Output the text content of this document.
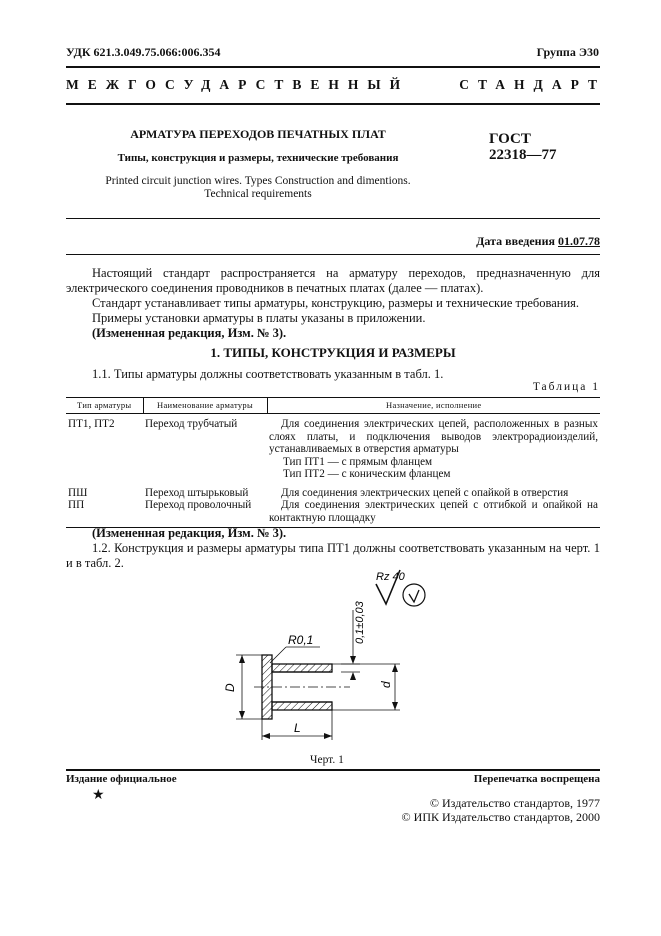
УДК 621.3.049.75.066:006.354	Группа Э30
МЕЖГОСУДАРСТВЕННЫЙ СТАНДАРТ
АРМАТУРА ПЕРЕХОДОВ ПЕЧАТНЫХ ПЛАТ
Типы, конструкция и размеры, технические требования
Printed circuit junction wires. Types Construction and dimentions.
Technical requirements
ГОСТ
22318—77
Дата введения 01.07.78
Настоящий стандарт распространяется на арматуру переходов, предназначенную для электрического соединения проводников в печатных платах (далее — платах).
Стандарт устанавливает типы арматуры, конструкцию, размеры и технические требования.
Примеры установки арматуры в платы указаны в приложении.
(Измененная редакция, Изм. № 3).
1. ТИПЫ, КОНСТРУКЦИЯ И РАЗМЕРЫ
1.1. Типы арматуры должны соответствовать указанным в табл. 1.
Таблица 1
Тип арматуры	Наименование арматуры	Назначение, исполнение
ПТ1, ПТ2	Переход трубчатый	Для соединения электрических цепей, расположенных в разных слоях платы, и подключения выводов электрорадиоизделий, устанавливаемых в отверстия арматуры
Тип ПТ1 — с прямым фланцем
Тип ПТ2 — с коническим фланцем

ПШ	Переход штырьковый	Для соединения электрических цепей с опайкой в отверстия
ПП	Переход проволочный	Для соединения электрических цепей с отгибкой и опайкой на контактную площадку
(Измененная редакция, Изм. № 3).
1.2. Конструкция и размеры арматуры типа ПТ1 должны соответствовать указанным на черт. 1 и в табл. 2.
Rz 40
0,1±0,03
R0,1
D	d
L
Черт. 1
Издание официальное	Перепечатка воспрещена
★	© Издательство стандартов, 1977
© ИПК Издательство стандартов, 2000
